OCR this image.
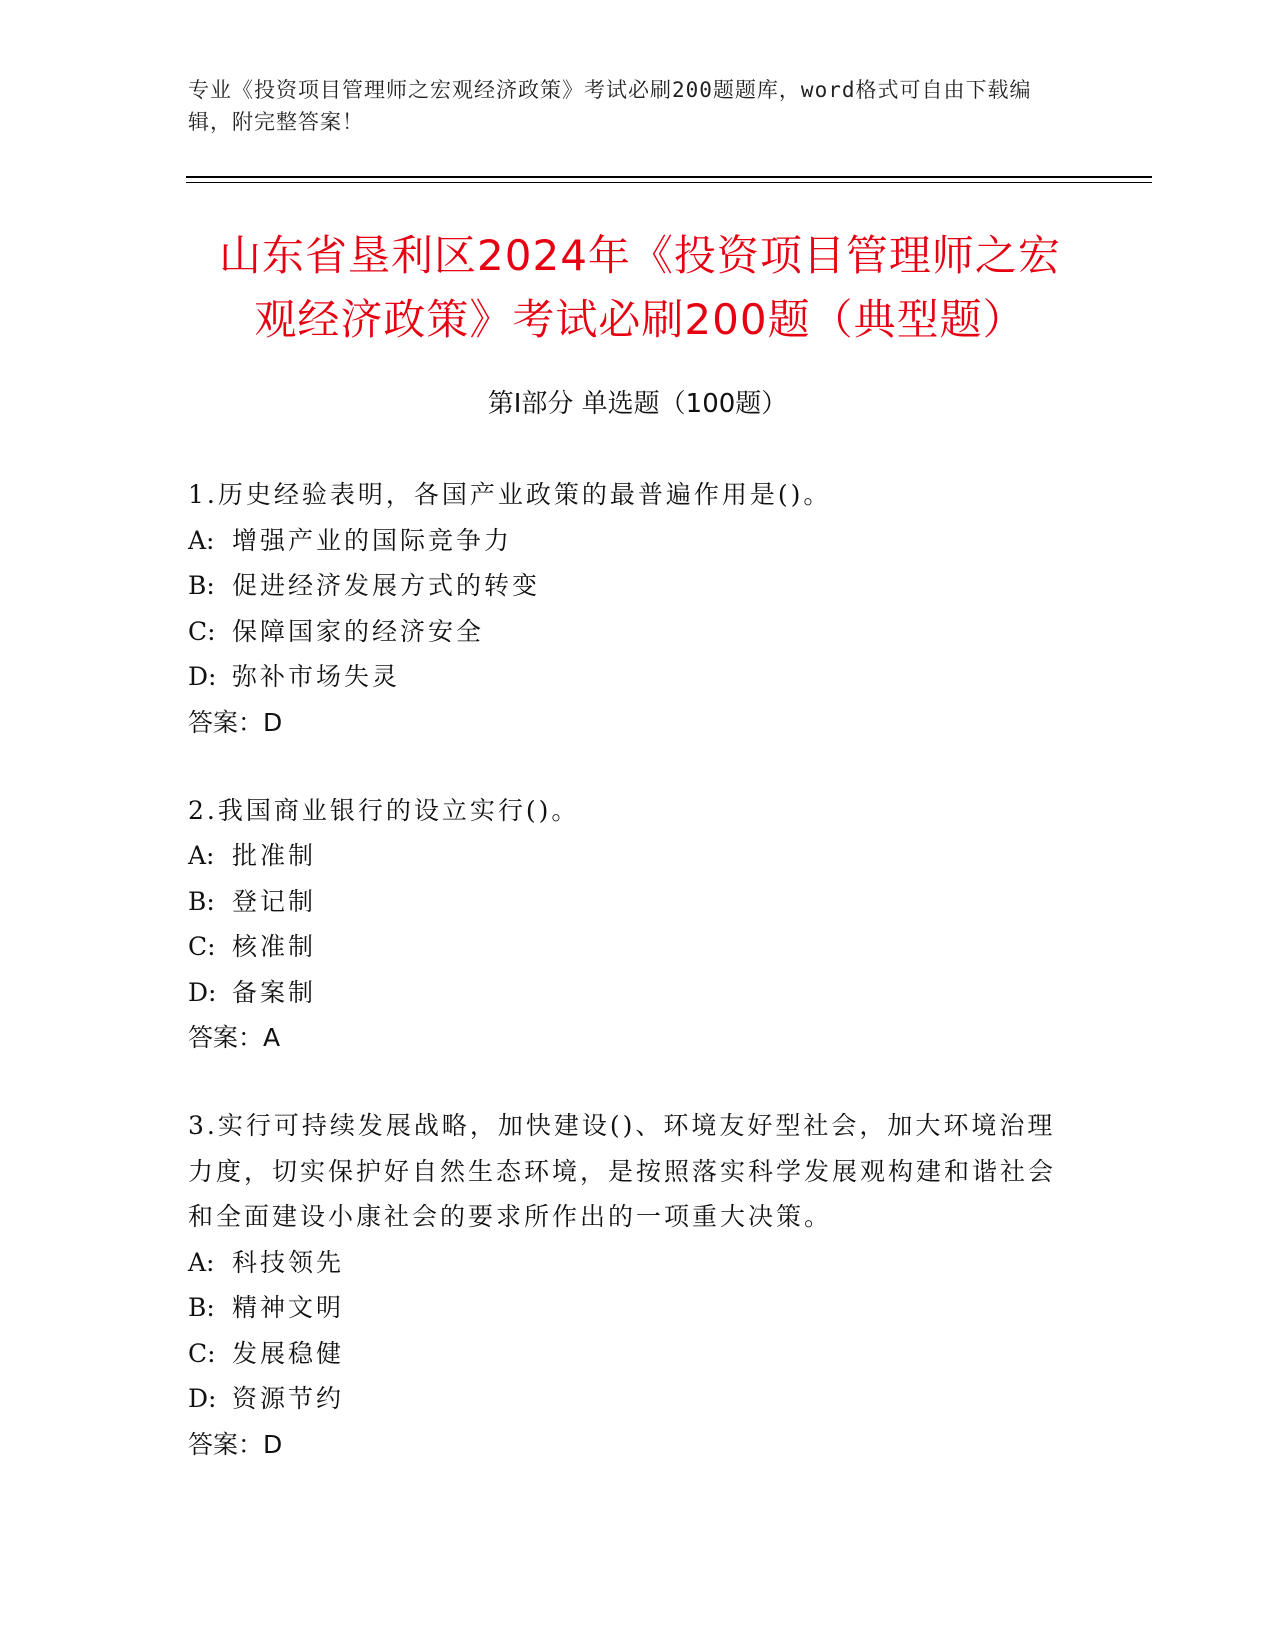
专业《投资项目管理师之宏观经济政策》考试必刷200题题库，word格式可自由下载编辑，附完整答案！
山东省垦利区2024年《投资项目管理师之宏
观经济政策》考试必刷200题（典型题）
第Ⅰ部分 单选题（100题）
1.历史经验表明，各国产业政策的最普遍作用是()。
A: 增强产业的国际竞争力
B: 促进经济发展方式的转变
C: 保障国家的经济安全
D: 弥补市场失灵
答案：D
2.我国商业银行的设立实行()。
A: 批准制
B: 登记制
C: 核准制
D: 备案制
答案：A
3.实行可持续发展战略，加快建设()、环境友好型社会，加大环境治理力度，切实保护好自然生态环境，是按照落实科学发展观构建和谐社会和全面建设小康社会的要求所作出的一项重大决策。
A: 科技领先
B: 精神文明
C: 发展稳健
D: 资源节约
答案：D
